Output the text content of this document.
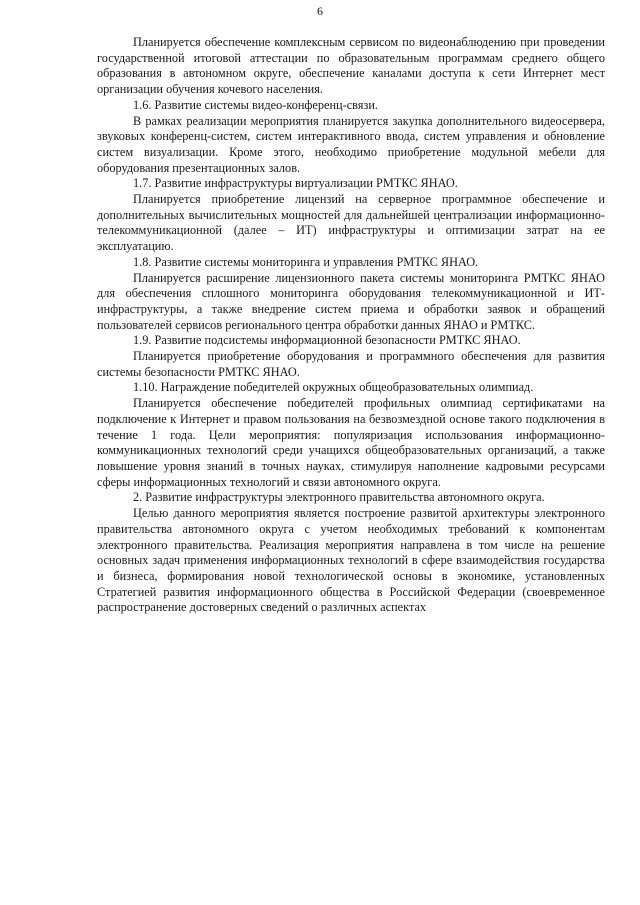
6

Планируется обеспечение комплексным сервисом по видеонаблюдению при проведении государственной итоговой аттестации по образовательным программам среднего общего образования в автономном округе, обеспечение каналами доступа к сети Интернет мест организации обучения кочевого населения.

1.6. Развитие системы видео-конференц-связи.

В рамках реализации мероприятия планируется закупка дополнительного видеосервера, звуковых конференц-систем, систем интерактивного ввода, систем управления и обновление систем визуализации. Кроме этого, необходимо приобретение модульной мебели для оборудования презентационных залов.

1.7. Развитие инфраструктуры виртуализации РМТКС ЯНАО.

Планируется приобретение лицензий на серверное программное обеспечение и дополнительных вычислительных мощностей для дальнейшей централизации информационно-телекоммуникационной (далее – ИТ) инфраструктуры и оптимизации затрат на ее эксплуатацию.

1.8. Развитие системы мониторинга и управления РМТКС ЯНАО.

Планируется расширение лицензионного пакета системы мониторинга РМТКС ЯНАО для обеспечения сплошного мониторинга оборудования телекоммуникационной и ИТ-инфраструктуры, а также внедрение систем приема и обработки заявок и обращений пользователей сервисов регионального центра обработки данных ЯНАО и РМТКС.

1.9. Развитие подсистемы информационной безопасности РМТКС ЯНАО.

Планируется приобретение оборудования и программного обеспечения для развития системы безопасности РМТКС ЯНАО.

1.10. Награждение победителей окружных общеобразовательных олимпиад.

Планируется обеспечение победителей профильных олимпиад сертификатами на подключение к Интернет и правом пользования на безвозмездной основе такого подключения в течение 1 года. Цели мероприятия: популяризация использования информационно-коммуникационных технологий среди учащихся общеобразовательных организаций, а также повышение уровня знаний в точных науках, стимулируя наполнение кадровыми ресурсами сферы информационных технологий и связи автономного округа.

2. Развитие инфраструктуры электронного правительства автономного округа.

Целью данного мероприятия является построение развитой архитектуры электронного правительства автономного округа с учетом необходимых требований к компонентам электронного правительства. Реализация мероприятия направлена в том числе на решение основных задач применения информационных технологий в сфере взаимодействия государства и бизнеса, формирования новой технологической основы в экономике, установленных Стратегией развития информационного общества в Российской Федерации (своевременное распространение достоверных сведений о различных аспектах
